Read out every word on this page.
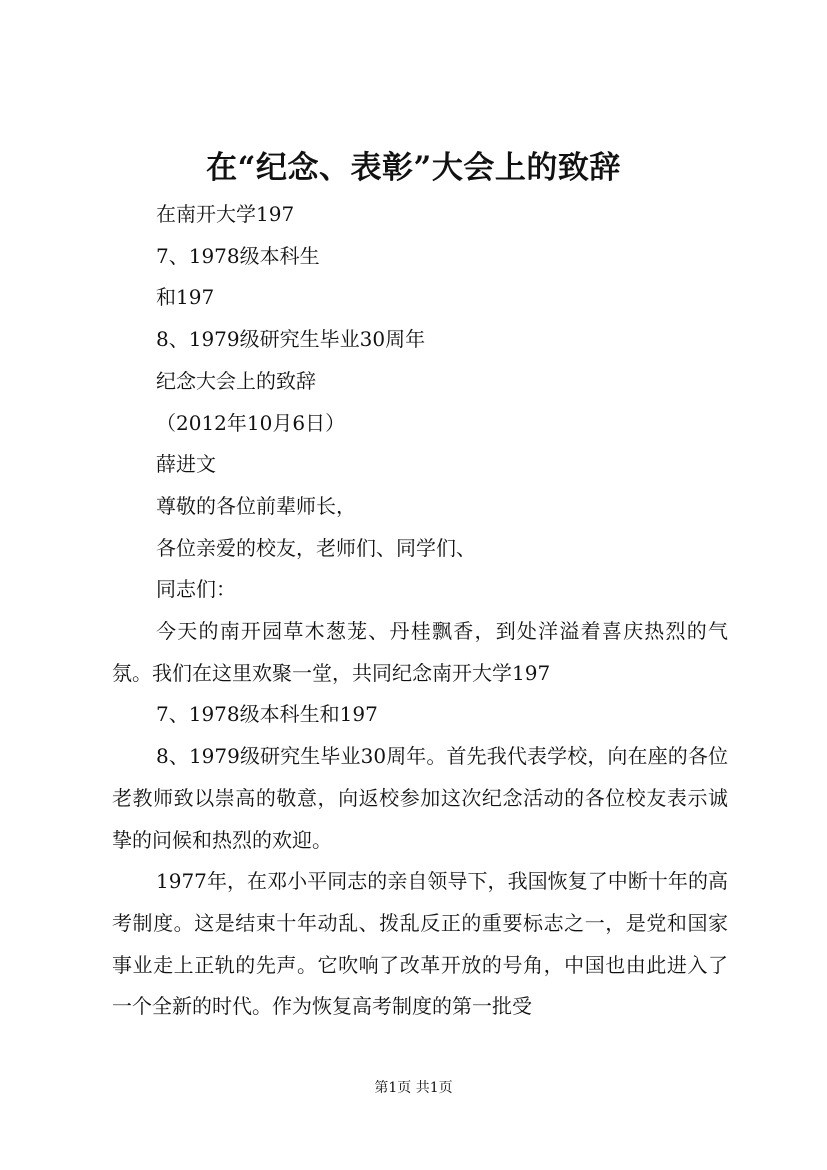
在“纪念、表彰”大会上的致辞
在南开大学197
7、1978级本科生
和197
8、1979级研究生毕业30周年
纪念大会上的致辞
（2012年10月6日）
薛进文
尊敬的各位前辈师长，
各位亲爱的校友，老师们、同学们、
同志们：
今天的南开园草木葱茏、丹桂飘香，到处洋溢着喜庆热烈的气氛。我们在这里欢聚一堂，共同纪念南开大学197
7、1978级本科生和197
8、1979级研究生毕业30周年。首先我代表学校，向在座的各位老教师致以崇高的敬意，向返校参加这次纪念活动的各位校友表示诚挚的问候和热烈的欢迎。
1977年，在邓小平同志的亲自领导下，我国恢复了中断十年的高考制度。这是结束十年动乱、拨乱反正的重要标志之一，是党和国家事业走上正轨的先声。它吹响了改革开放的号角，中国也由此进入了一个全新的时代。作为恢复高考制度的第一批受
第1页 共1页
